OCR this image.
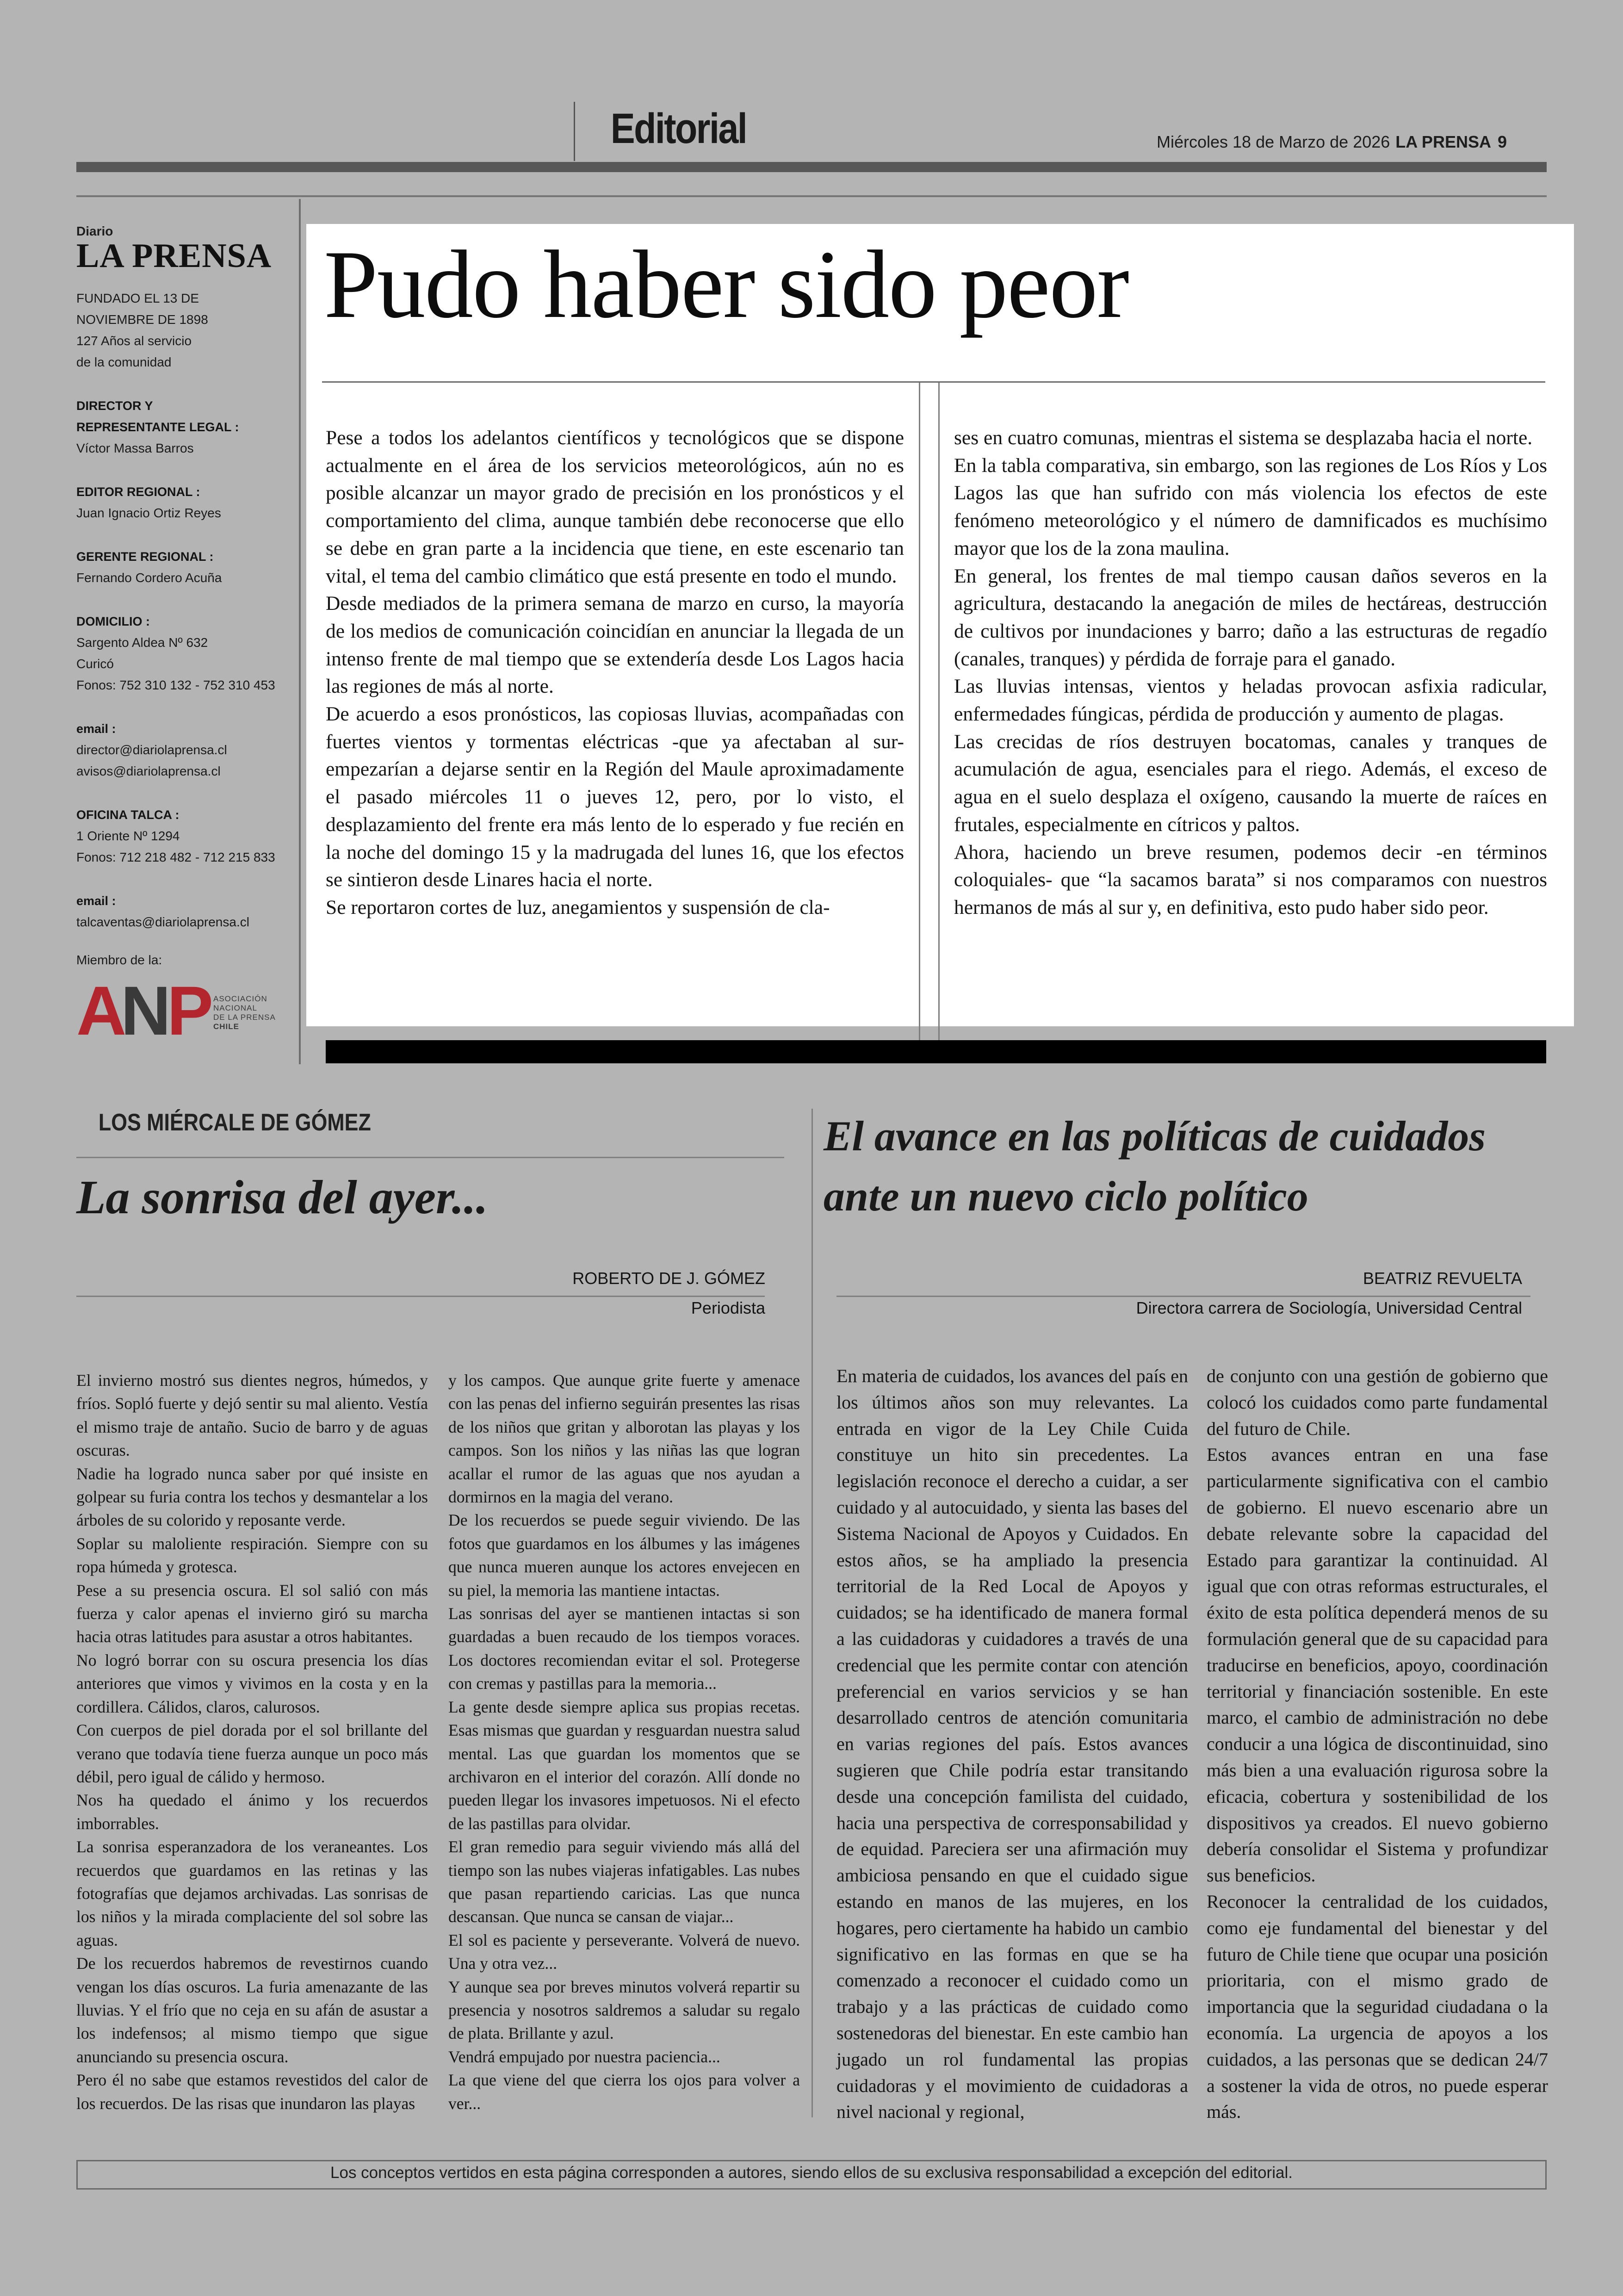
Editorial	Miércoles 18 de Marzo de 2026 LA PRENSA 9
Diario
LA PRENSA
FUNDADO EL 13 DE
NOVIEMBRE DE 1898
127 Años al servicio
de la comunidad
DIRECTOR Y
REPRESENTANTE LEGAL :
Víctor Massa Barros
EDITOR REGIONAL :
Juan Ignacio Ortiz Reyes
GERENTE REGIONAL :
Fernando Cordero Acuña
DOMICILIO :
Sargento Aldea Nº 632
Curicó
Fonos: 752 310 132 - 752 310 453
email :
director@diariolaprensa.cl
avisos@diariolaprensa.cl
OFICINA TALCA :
1 Oriente Nº 1294
Fonos: 712 218 482 - 712 215 833
email :
talcaventas@diariolaprensa.cl
Miembro de la:
A
N
P ASOCIACIÓN
NACIONAL
DE LA PRENSA
CHILE
Pudo haber sido peor

Pese a todos los adelantos científicos y tecnológicos que se dispone actualmente en el área de los servicios meteorológicos, aún no es posible alcanzar un mayor grado de precisión en los pronósticos y el comportamiento del clima, aunque también debe reconocerse que ello se debe en gran parte a la incidencia que tiene, en este escenario tan vital, el tema del cambio climático que está presente en todo el mundo.

Desde mediados de la primera semana de marzo en curso, la mayoría de los medios de comunicación coincidían en anunciar la llegada de un intenso frente de mal tiempo que se extendería desde Los Lagos hacia las regiones de más al norte.

De acuerdo a esos pronósticos, las copiosas lluvias, acompañadas con fuertes vientos y tormentas eléctricas -que ya afectaban al sur- empezarían a dejarse sentir en la Región del Maule aproximadamente el pasado miércoles 11 o jueves 12, pero, por lo visto, el desplazamiento del frente era más lento de lo esperado y fue recién en la noche del domingo 15 y la madrugada del lunes 16, que los efectos se sintieron desde Linares hacia el norte.

Se reportaron cortes de luz, anegamientos y suspensión de cla-

ses en cuatro comunas, mientras el sistema se desplazaba hacia el norte.

En la tabla comparativa, sin embargo, son las regiones de Los Ríos y Los Lagos las que han sufrido con más violencia los efectos de este fenómeno meteorológico y el número de damnificados es muchísimo mayor que los de la zona maulina.

En general, los frentes de mal tiempo causan daños severos en la agricultura, destacando la anegación de miles de hectáreas, destrucción de cultivos por inundaciones y barro; daño a las estructuras de regadío (canales, tranques) y pérdida de forraje para el ganado.

Las lluvias intensas, vientos y heladas provocan asfixia radicular, enfermedades fúngicas, pérdida de producción y aumento de plagas.

Las crecidas de ríos destruyen bocatomas, canales y tranques de acumulación de agua, esenciales para el riego. Además, el exceso de agua en el suelo desplaza el oxígeno, causando la muerte de raíces en frutales, especialmente en cítricos y paltos.

Ahora, haciendo un breve resumen, podemos decir -en términos coloquiales- que “la sacamos barata” si nos comparamos con nuestros hermanos de más al sur y, en definitiva, esto pudo haber sido peor.

LOS MIÉRCALE DE GÓMEZ
La sonrisa del ayer...
ROBERTO DE J. GÓMEZ
Periodista

El invierno mostró sus dientes negros, húmedos, y fríos. Sopló fuerte y dejó sentir su mal aliento. Vestía el mismo traje de antaño. Sucio de barro y de aguas oscuras.

Nadie ha logrado nunca saber por qué insiste en golpear su furia contra los techos y desmantelar a los árboles de su colorido y reposante verde.

Soplar su maloliente respiración. Siempre con su ropa húmeda y grotesca.

Pese a su presencia oscura. El sol salió con más fuerza y calor apenas el invierno giró su marcha hacia otras latitudes para asustar a otros habitantes.

No logró borrar con su oscura presencia los días anteriores que vimos y vivimos en la costa y en la cordillera. Cálidos, claros, calurosos.

Con cuerpos de piel dorada por el sol brillante del verano que todavía tiene fuerza aunque un poco más débil, pero igual de cálido y hermoso.

Nos ha quedado el ánimo y los recuerdos imborrables.

La sonrisa esperanzadora de los veraneantes. Los recuerdos que guardamos en las retinas y las fotografías que dejamos archivadas. Las sonrisas de los niños y la mirada complaciente del sol sobre las aguas.

De los recuerdos habremos de revestirnos cuando vengan los días oscuros. La furia amenazante de las lluvias. Y el frío que no ceja en su afán de asustar a los indefensos; al mismo tiempo que sigue anunciando su presencia oscura.

Pero él no sabe que estamos revestidos del calor de los recuerdos. De las risas que inundaron las playas

y los campos. Que aunque grite fuerte y amenace con las penas del infierno seguirán presentes las risas de los niños que gritan y alborotan las playas y los campos. Son los niños y las niñas las que logran acallar el rumor de las aguas que nos ayudan a dormirnos en la magia del verano.

De los recuerdos se puede seguir viviendo. De las fotos que guardamos en los álbumes y las imágenes que nunca mueren aunque los actores envejecen en su piel, la memoria las mantiene intactas.

Las sonrisas del ayer se mantienen intactas si son guardadas a buen recaudo de los tiempos voraces. Los doctores recomiendan evitar el sol. Protegerse con cremas y pastillas para la memoria...

La gente desde siempre aplica sus propias recetas. Esas mismas que guardan y resguardan nuestra salud mental. Las que guardan los momentos que se archivaron en el interior del corazón. Allí donde no pueden llegar los invasores impetuosos. Ni el efecto de las pastillas para olvidar.

El gran remedio para seguir viviendo más allá del tiempo son las nubes viajeras infatigables. Las nubes que pasan repartiendo caricias. Las que nunca descansan. Que nunca se cansan de viajar...

El sol es paciente y perseverante. Volverá de nuevo. Una y otra vez...

Y aunque sea por breves minutos volverá repartir su presencia y nosotros saldremos a saludar su regalo de plata. Brillante y azul.

Vendrá empujado por nuestra paciencia...

La que viene del que cierra los ojos para volver a ver...

El avance en las políticas de cuidados
ante un nuevo ciclo político
BEATRIZ REVUELTA
Directora carrera de Sociología, Universidad Central

En materia de cuidados, los avances del país en los últimos años son muy relevantes. La entrada en vigor de la Ley Chile Cuida constituye un hito sin precedentes. La legislación reconoce el derecho a cuidar, a ser cuidado y al autocuidado, y sienta las bases del Sistema Nacional de Apoyos y Cuidados. En estos años, se ha ampliado la presencia territorial de la Red Local de Apoyos y cuidados; se ha identificado de manera formal a las cuidadoras y cuidadores a través de una credencial que les permite contar con atención preferencial en varios servicios y se han desarrollado centros de atención comunitaria en varias regiones del país. Estos avances sugieren que Chile podría estar transitando desde una concepción familista del cuidado, hacia una perspectiva de corresponsabilidad y de equidad. Pareciera ser una afirmación muy ambiciosa pensando en que el cuidado sigue estando en manos de las mujeres, en los hogares, pero ciertamente ha habido un cambio significativo en las formas en que se ha comenzado a reconocer el cuidado como un trabajo y a las prácticas de cuidado como sostenedoras del bienestar. En este cambio han jugado un rol fundamental las propias cuidadoras y el movimiento de cuidadoras a nivel nacional y regional,

de conjunto con una gestión de gobierno que colocó los cuidados como parte fundamental del futuro de Chile.

Estos avances entran en una fase particularmente significativa con el cambio de gobierno. El nuevo escenario abre un debate relevante sobre la capacidad del Estado para garantizar la continuidad. Al igual que con otras reformas estructurales, el éxito de esta política dependerá menos de su formulación general que de su capacidad para traducirse en beneficios, apoyo, coordinación territorial y financiación sostenible. En este marco, el cambio de administración no debe conducir a una lógica de discontinuidad, sino más bien a una evaluación rigurosa sobre la eficacia, cobertura y sostenibilidad de los dispositivos ya creados. El nuevo gobierno debería consolidar el Sistema y profundizar sus beneficios.

Reconocer la centralidad de los cuidados, como eje fundamental del bienestar y del futuro de Chile tiene que ocupar una posición prioritaria, con el mismo grado de importancia que la seguridad ciudadana o la economía. La urgencia de apoyos a los cuidados, a las personas que se dedican 24/7 a sostener la vida de otros, no puede esperar más.

Los conceptos vertidos en esta página corresponden a autores, siendo ellos de su exclusiva responsabilidad a excepción del editorial.
